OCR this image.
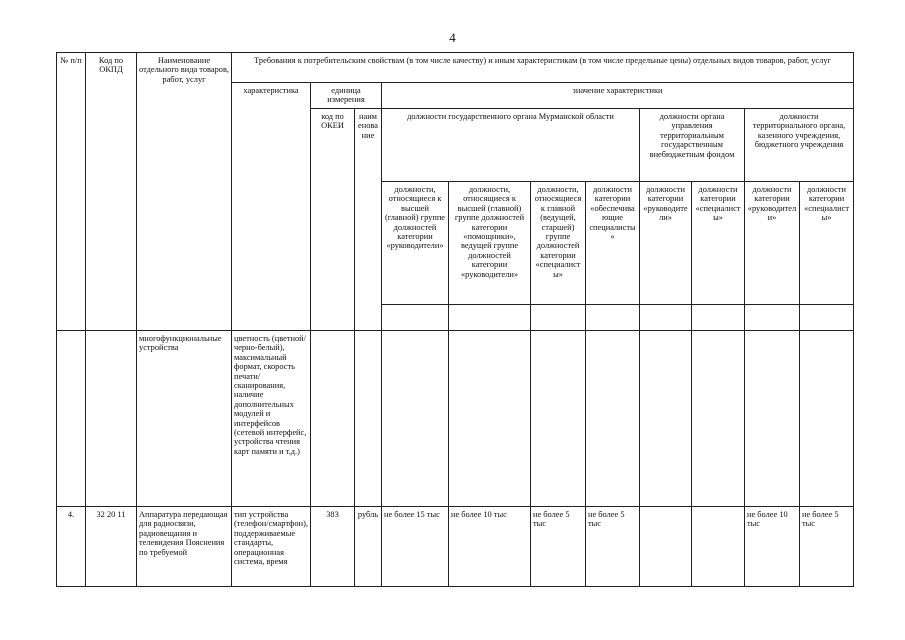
4
№ п/п	Код по ОКПД	Наименование отдельного вида товаров, работ, услуг	Требования к потребительским свойствам (в том числе качеству) и иным характеристикам (в том числе предельные цены) отдельных видов товаров, работ, услуг										
			характеристика	единица измерения		значение характеристики							
				код по ОКЕИ	наим енова ние	должности государственного органа Мурманской области				должности органа управления территориальным государственным внебюджетным фондом		должности территориального органа, казенного учреждения, бюджетного учреждения	
						должности, относящиеся к высшей (главной) группе должностей категории «руководители»	должности, относящиеся к высшей (главной) группе должностей категории «помощники», ведущей группе должностей категории «руководители»	должности, относящиеся к главной (ведущей, старшей) группе должностей категории «специалисты»	должности категории «обеспечивающие специалисты»	должности категории «руководители»	должности категории «специалисты»	должности категории «руководители»	должности категории «специалисты»

		многофункциональные устройства	цветность (цветной/черно-белый), максимальный формат, скорость печати/сканирования, наличие дополнительных модулей и интерфейсов (сетевой интерфейс, устройства чтения карт памяти и т.д.)										
4.	32 20 11	Аппаратура передающая для радиосвязи, радиовещания и телевидения Пояснения по требуемой	тип устройства (телефон/смартфон), поддерживаемые стандарты, операционная система, время	383	рубль	не более 15 тыс	не более 10 тыс	не более 5 тыс	не более 5 тыс			не более 10 тыс	не более 5 тыс
